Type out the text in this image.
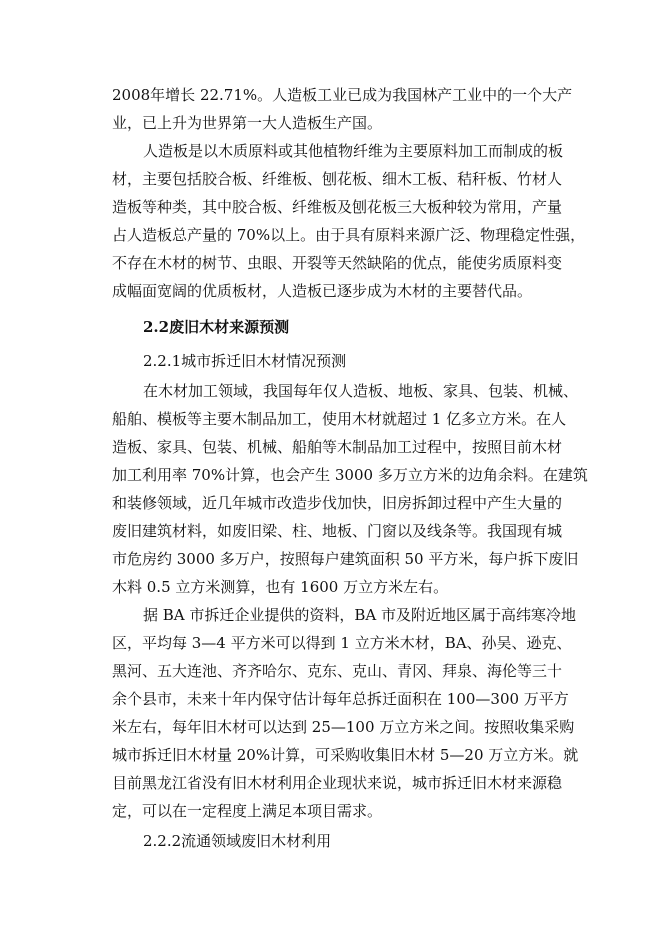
2008年增长 22.71%。人造板工业已成为我国林产工业中的一个大产
业，已上升为世界第一大人造板生产国。
人造板是以木质原料或其他植物纤维为主要原料加工而制成的板
材，主要包括胶合板、纤维板、刨花板、细木工板、秸秆板、竹材人
造板等种类，其中胶合板、纤维板及刨花板三大板种较为常用，产量
占人造板总产量的 70%以上。由于具有原料来源广泛、物理稳定性强，
不存在木材的树节、虫眼、开裂等天然缺陷的优点，能使劣质原料变
成幅面宽阔的优质板材，人造板已逐步成为木材的主要替代品。
2.2废旧木材来源预测
2.2.1城市拆迁旧木材情况预测
在木材加工领域，我国每年仅人造板、地板、家具、包装、机械、
船舶、模板等主要木制品加工，使用木材就超过 1 亿多立方米。在人
造板、家具、包装、机械、船舶等木制品加工过程中，按照目前木材
加工利用率 70%计算，也会产生 3000 多万立方米的边角余料。在建筑
和装修领域，近几年城市改造步伐加快，旧房拆卸过程中产生大量的
废旧建筑材料，如废旧梁、柱、地板、门窗以及线条等。我国现有城
市危房约 3000 多万户，按照每户建筑面积 50 平方米，每户拆下废旧
木料 0.5 立方米测算，也有 1600 万立方米左右。
据 BA 市拆迁企业提供的资料，BA 市及附近地区属于高纬寒冷地
区，平均每 3—4 平方米可以得到 1 立方米木材，BA、孙吴、逊克、
黑河、五大连池、齐齐哈尔、克东、克山、青冈、拜泉、海伦等三十
余个县市，未来十年内保守估计每年总拆迁面积在 100—300 万平方
米左右，每年旧木材可以达到 25—100 万立方米之间。按照收集采购
城市拆迁旧木材量 20%计算，可采购收集旧木材 5—20 万立方米。就
目前黑龙江省没有旧木材利用企业现状来说，城市拆迁旧木材来源稳
定，可以在一定程度上满足本项目需求。
2.2.2流通领域废旧木材利用
